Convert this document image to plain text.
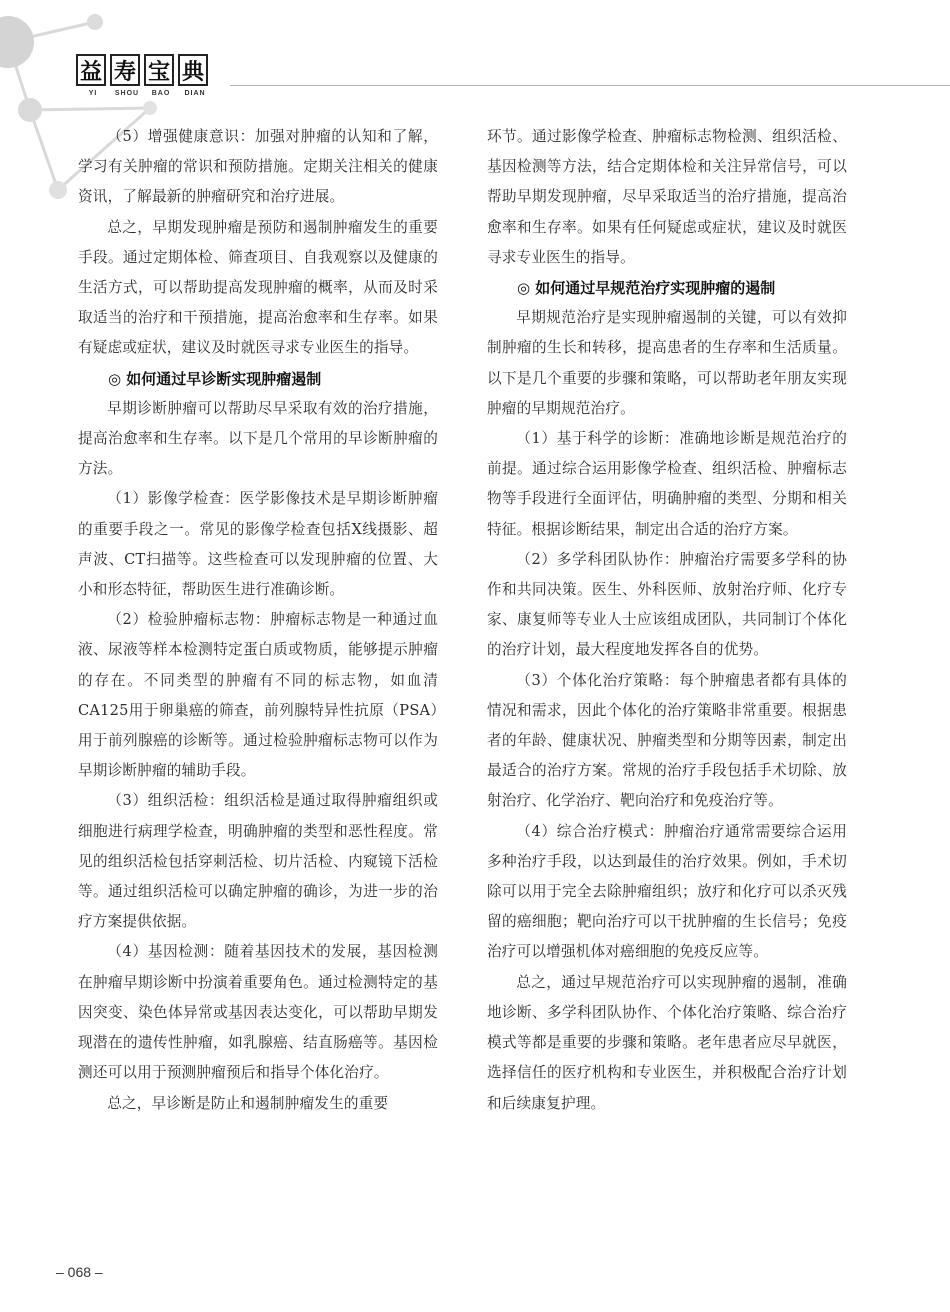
益 寿 宝 典
YI	SHOU	BAO	DIAN

（5）增强健康意识：加强对肿瘤的认知和了解，学习有关肿瘤的常识和预防措施。定期关注相关的健康资讯，了解最新的肿瘤研究和治疗进展。

总之，早期发现肿瘤是预防和遏制肿瘤发生的重要手段。通过定期体检、筛查项目、自我观察以及健康的生活方式，可以帮助提高发现肿瘤的概率，从而及时采取适当的治疗和干预措施，提高治愈率和生存率。如果有疑虑或症状，建议及时就医寻求专业医生的指导。

◎ 如何通过早诊断实现肿瘤遏制

早期诊断肿瘤可以帮助尽早采取有效的治疗措施，提高治愈率和生存率。以下是几个常用的早诊断肿瘤的方法。

（1）影像学检查：医学影像技术是早期诊断肿瘤的重要手段之一。常见的影像学检查包括X线摄影、超声波、CT扫描等。这些检查可以发现肿瘤的位置、大小和形态特征，帮助医生进行准确诊断。

（2）检验肿瘤标志物：肿瘤标志物是一种通过血液、尿液等样本检测特定蛋白质或物质，能够提示肿瘤的存在。不同类型的肿瘤有不同的标志物，如血清CA125用于卵巢癌的筛查，前列腺特异性抗原（PSA）用于前列腺癌的诊断等。通过检验肿瘤标志物可以作为早期诊断肿瘤的辅助手段。

（3）组织活检：组织活检是通过取得肿瘤组织或细胞进行病理学检查，明确肿瘤的类型和恶性程度。常见的组织活检包括穿刺活检、切片活检、内窥镜下活检等。通过组织活检可以确定肿瘤的确诊，为进一步的治疗方案提供依据。

（4）基因检测：随着基因技术的发展，基因检测在肿瘤早期诊断中扮演着重要角色。通过检测特定的基因突变、染色体异常或基因表达变化，可以帮助早期发现潜在的遗传性肿瘤，如乳腺癌、结直肠癌等。基因检测还可以用于预测肿瘤预后和指导个体化治疗。

总之，早诊断是防止和遏制肿瘤发生的重要

环节。通过影像学检查、肿瘤标志物检测、组织活检、基因检测等方法，结合定期体检和关注异常信号，可以帮助早期发现肿瘤，尽早采取适当的治疗措施，提高治愈率和生存率。如果有任何疑虑或症状，建议及时就医寻求专业医生的指导。

◎ 如何通过早规范治疗实现肿瘤的遏制

早期规范治疗是实现肿瘤遏制的关键，可以有效抑制肿瘤的生长和转移，提高患者的生存率和生活质量。以下是几个重要的步骤和策略，可以帮助老年朋友实现肿瘤的早期规范治疗。

（1）基于科学的诊断：准确地诊断是规范治疗的前提。通过综合运用影像学检查、组织活检、肿瘤标志物等手段进行全面评估，明确肿瘤的类型、分期和相关特征。根据诊断结果，制定出合适的治疗方案。

（2）多学科团队协作：肿瘤治疗需要多学科的协作和共同决策。医生、外科医师、放射治疗师、化疗专家、康复师等专业人士应该组成团队，共同制订个体化的治疗计划，最大程度地发挥各自的优势。

（3）个体化治疗策略：每个肿瘤患者都有具体的情况和需求，因此个体化的治疗策略非常重要。根据患者的年龄、健康状况、肿瘤类型和分期等因素，制定出最适合的治疗方案。常规的治疗手段包括手术切除、放射治疗、化学治疗、靶向治疗和免疫治疗等。

（4）综合治疗模式：肿瘤治疗通常需要综合运用多种治疗手段，以达到最佳的治疗效果。例如，手术切除可以用于完全去除肿瘤组织；放疗和化疗可以杀灭残留的癌细胞；靶向治疗可以干扰肿瘤的生长信号；免疫治疗可以增强机体对癌细胞的免疫反应等。

总之，通过早规范治疗可以实现肿瘤的遏制，准确地诊断、多学科团队协作、个体化治疗策略、综合治疗模式等都是重要的步骤和策略。老年患者应尽早就医，选择信任的医疗机构和专业医生，并积极配合治疗计划和后续康复护理。

– 068 –
